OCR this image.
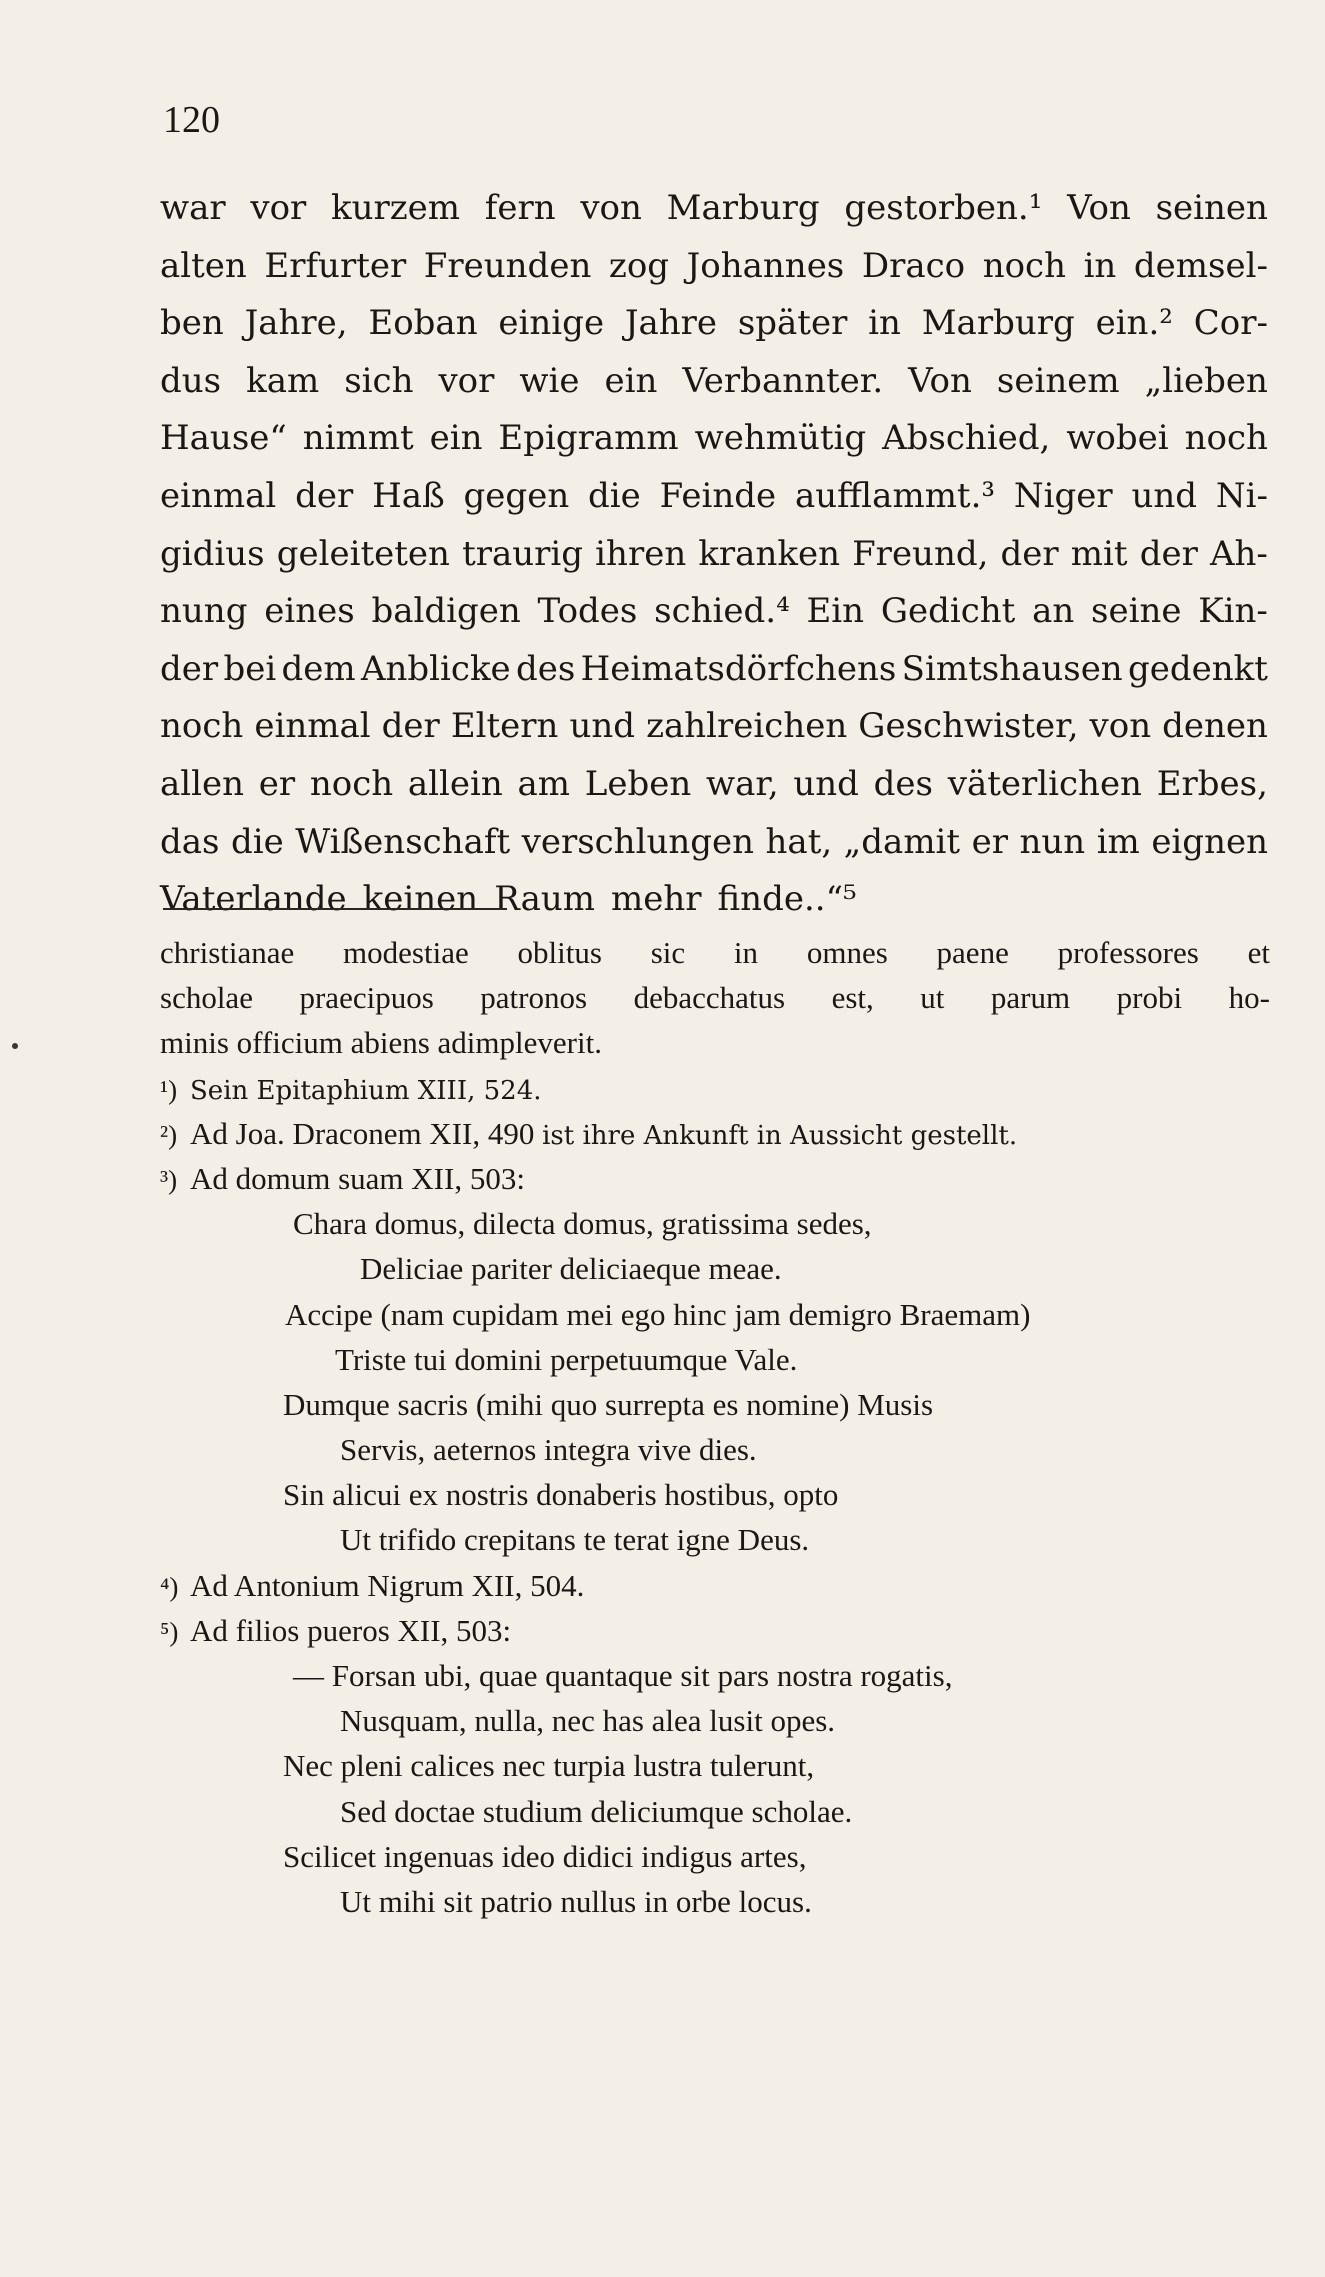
120
war vor kurzem fern von Marburg gestorben.¹ Von seinen
alten Erfurter Freunden zog Johannes Draco noch in demsel-
ben Jahre, Eoban einige Jahre später in Marburg ein.² Cor-
dus kam sich vor wie ein Verbannter. Von seinem „lieben
Hause“ nimmt ein Epigramm wehmütig Abschied, wobei noch
einmal der Haß gegen die Feinde aufflammt.³ Niger und Ni-
gidius geleiteten traurig ihren kranken Freund, der mit der Ah-
nung eines baldigen Todes schied.⁴ Ein Gedicht an seine Kin-
der bei dem Anblicke des Heimatsdörfchens Simtshausen gedenkt
noch einmal der Eltern und zahlreichen Geschwister, von denen
allen er noch allein am Leben war, und des väterlichen Erbes,
das die Wißenschaft verschlungen hat, „damit er nun im eignen
Vaterlande keinen Raum mehr finde..“⁵
christianae modestiae oblitus sic in omnes paene professores et
scholae praecipuos patronos debacchatus est, ut parum probi ho-
minis officium abiens adimpleverit.
¹) Sein Epitaphium XIII, 524.
²) Ad Joa. Draconem XII, 490 ist ihre Ankunft in Aussicht gestellt.
³) Ad domum suam XII, 503:
Chara domus, dilecta domus, gratissima sedes,
Deliciae pariter deliciaeque meae.
Accipe (nam cupidam mei ego hinc jam demigro Braemam)
Triste tui domini perpetuumque Vale.
Dumque sacris (mihi quo surrepta es nomine) Musis
Servis, aeternos integra vive dies.
Sin alicui ex nostris donaberis hostibus, opto
Ut trifido crepitans te terat igne Deus.
⁴) Ad Antonium Nigrum XII, 504.
⁵) Ad filios pueros XII, 503:
— Forsan ubi, quae quantaque sit pars nostra rogatis,
Nusquam, nulla, nec has alea lusit opes.
Nec pleni calices nec turpia lustra tulerunt,
Sed doctae studium deliciumque scholae.
Scilicet ingenuas ideo didici indigus artes,
Ut mihi sit patrio nullus in orbe locus.
